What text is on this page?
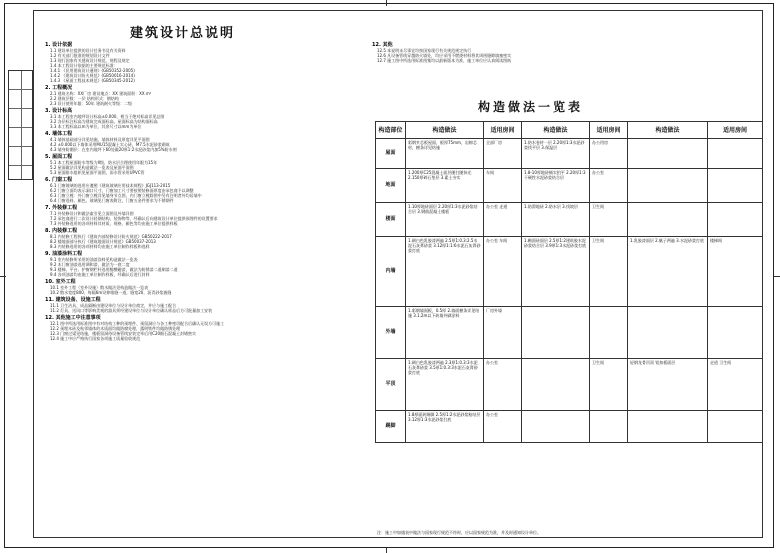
建筑设计总说明
1. 设计依据
1.1 建设单位提供的设计任务书及有关资料
1.2 有关部门批准的规划设计文件
1.3 现行国家有关建筑设计规范、规程及规定
1.4 本工程设计依据的主要规范标准：
1.4.1 《民用建筑设计通则》(GB50352-2005)
1.4.2 《建筑设计防火规范》(GB50016-2014)
1.4.3 《屋面工程技术规范》(GB50345-2012)
2. 工程概况
2.1 建筑名称：XX厂房 建设地点：XX 建筑面积：XX m²
2.2 建筑层数：一层 结构形式：钢结构
2.3 设计使用年限：50年 建筑耐火等级：二级
3. 设计标高
3.1 本工程室内地坪设计标高±0.000，相当于绝对标高详见总图
3.2 各层标注标高为建筑完成面标高，屋面标高为结构面标高
3.3 本工程标高以m为单位，其余尺寸以mm为单位
4. 墙体工程
4.1 墙体基础部分详见结施，墙体材料及厚度详见平面图
4.2 ±0.000以下墙体采用MU15混凝土实心砖，M7.5水泥砂浆砌筑
4.3 墙身防潮层：在室内地坪下60处做20厚1:2水泥砂浆内加5%防水剂
5. 屋面工程
5.1 本工程屋面防水等级为II级，防水层合理使用年限为15年
5.2 屋面做法详见构造做法一览表及屋面平面图
5.3 屋面排水组织见屋面平面图，雨水管采用UPVC管
6. 门窗工程
6.1 门窗玻璃的选用应遵照《建筑玻璃应用技术规程》JGJ113-2015
6.2 门窗立面均表示洞口尺寸，门窗加工尺寸要按照装修面厚度由承包商予以调整
6.3 门窗立樘：外门窗立樘详见墙身节点图，内门窗立樘除图中另有注明者外均居墙中
6.4 门窗选料、颜色、玻璃见门窗表附注，门窗五金件要求为不锈钢件
7. 外装修工程
7.1 外装修设计和做法索引见立面图及外墙详图
7.2 承包商进行二次设计轻钢结构、装饰物等，经确认后向建筑设计单位提供预埋件的设置要求
7.3 外装修选用的各项材料其材质、规格、颜色等均由施工单位提供样板
8. 内装修工程
8.1 内装修工程执行《建筑内部装修设计防火规范》GB50222-2017
8.2 楼地面部分执行《建筑地面设计规范》GB50037-2013
8.3 内装修选用的各项材料均由施工单位制作样板和选样
9. 油漆涂料工程
9.1 室内装修所采用的油漆涂料见构造做法一览表
9.2 木门窗油漆选用调和漆，做法为一底二度
9.3 楼梯、平台、护窗钢栏杆选用醇酸磁漆，做法为防锈漆二道刷漆二道
9.4 各项油漆均由施工单位制作样板，经确认后进行封样
10. 室外工程
10.1 室外工程（室外设施）散水做法见构造做法一览表
10.2 散水宽度800，每隔6m设伸缩缝一道，缝宽20，沥青砂浆嵌缝
11. 建筑设备、设施工程
11.1 卫生洁具、成品隔断由建设单位与设计单位商定，并应与施工配合
11.2 灯具、送风口等影响美观的器具须经建设单位与设计单位确认样品后方可批量加工安装
12. 其他施工中注意事项
12.1 图中所选用标准图中有对结构工种的预埋件、预留洞应与各工种密切配合后确认无误方可施工
12.2 预埋木砖及贴邻墙体的木质面均做防腐处理，露明铁件均做防锈处理
12.3 门窗过梁见结施，楼板留洞待设备管线安装完毕后用C20细石混凝土封堵密实
12.4 施工中应严格执行国家各项施工质量验收规范
12. 其他
12.5 本说明未尽事宜均按国家现行有关规范规定执行
12.6 凡设备管线穿越防火墙处，均应采用不燃烧材料将其周围缝隙填塞密实
12.7 施工图中所选用标准图集均以最新版本为准，施工单位应认真阅读图纸
构造做法一览表
构造部位	构造做法	适用房间	构造做法	适用房间	构造做法	适用房间
屋面	彩钢夹芯板屋面，板厚75mm，岩棉芯材，檩条详见结施	全部厂房	1.防水卷材一层 2.20厚1:3水泥砂浆找平层 3.保温层	办公用房		
地面	1.200厚C25混凝土面层随打随抹光 2.150厚碎石垫层 3.素土夯实	车间	1.8-10厚地砖铺实拍平 2.20厚1:3干硬性水泥砂浆结合层	办公室		
楼面	1.10厚地砖面层 2.20厚1:3水泥砂浆结合层 3.钢筋混凝土楼板	办公室 走道	1.防滑地砖 2.防水层 3.找坡层	卫生间		
内墙	1.刷白色乳胶漆两遍 2.5厚1:0.3:2.5水泥石灰膏砂浆 3.12厚1:1:6水泥石灰膏砂浆打底	办公室 车间	1.釉面砖面层 2.5厚1:2建筑胶水泥砂浆结合层 3.9厚1:3水泥砂浆打底	卫生间	1.乳胶漆面层 2.腻子两遍 3.水泥砂浆打底	楼梯间
外墙	1.彩钢墙面板，0.5厚 2.墙面檩条详见结施 3.1.2m以下砖墙外刷涂料	厂房外墙				
平顶	1.刷白色乳胶漆两遍 2.3厚1:0.3:3水泥石灰膏砂浆 3.5厚1:0.3:3水泥石灰膏砂浆打底	办公室		卫生间	轻钢龙骨吊顶 铝扣板面层	走道 卫生间
踢脚	1.8厚面砖踢脚 2.5厚1:2水泥砂浆粘结层 3.12厚1:3水泥砂浆打底	办公室				
注：施工中如遇表中做法与国家现行规范不符时，应以国家规范为准，并及时通知设计单位。
